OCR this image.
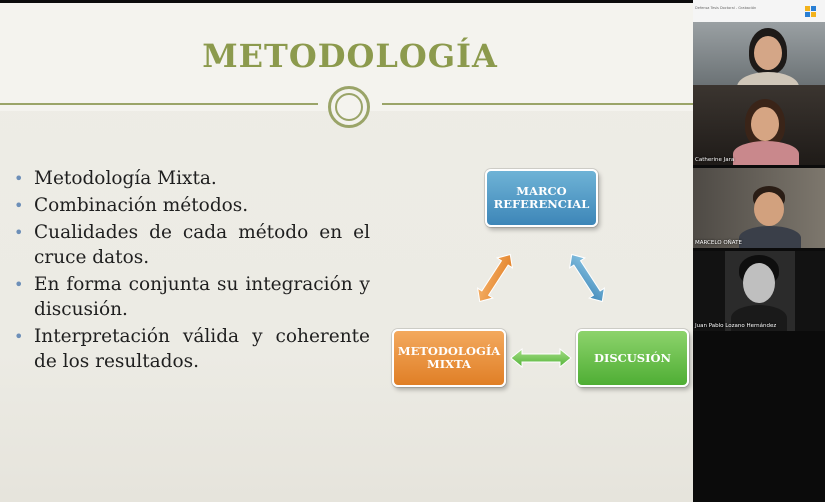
METODOLOGÍA
• Metodología Mixta.
• Combinación métodos.
• Cualidades de cada método en el cruce datos.
• En forma conjunta su integración y discusión.
• Interpretación válida y coherente de los resultados.
MARCO REFERENCIAL
METODOLOGÍA MIXTA	DISCUSIÓN
Defensa Tesis Doctoral - Grabación
Catherine Jara
MARCELO OÑATE
Juan Pablo Lozano Hernández
